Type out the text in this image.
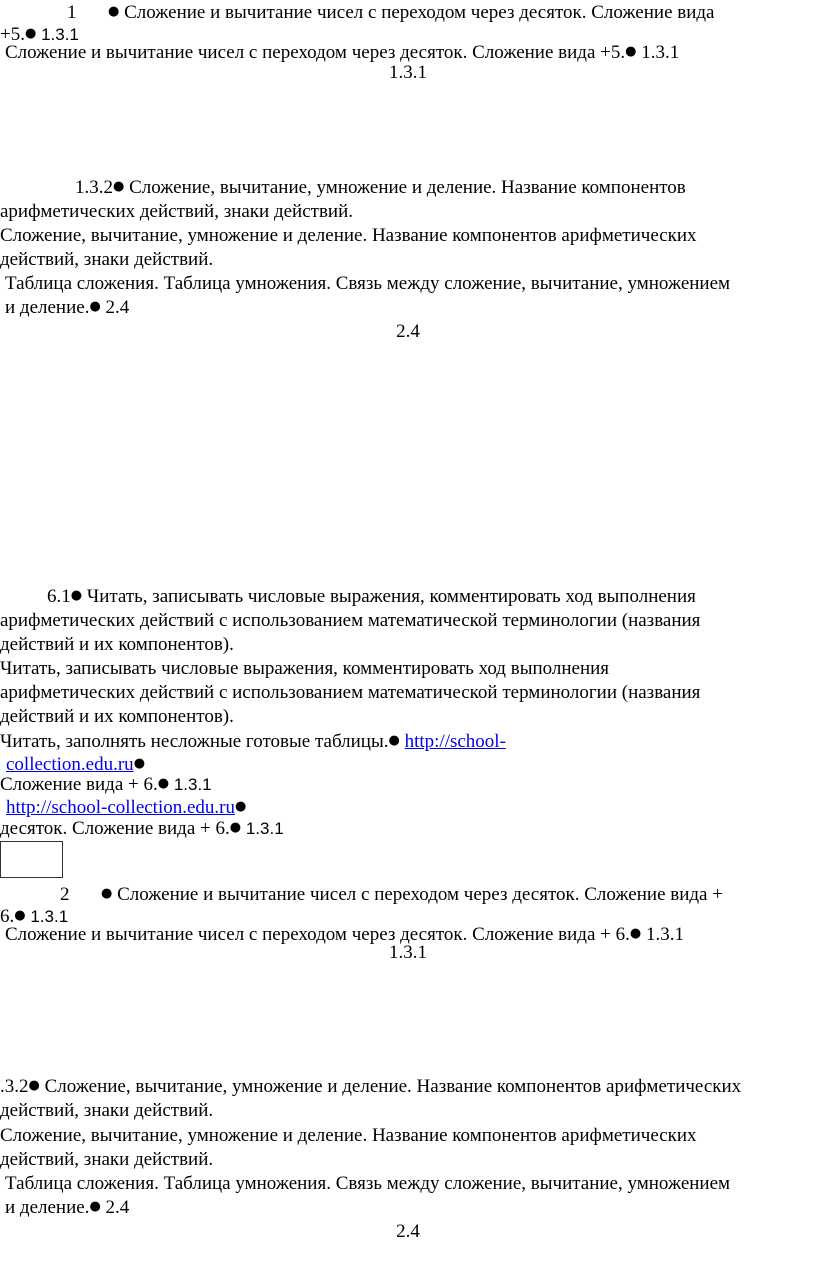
1 ● Сложение и вычитание чисел с переходом через десяток. Сложение вида
+5.● 1.3.1
Сложение и вычитание чисел с переходом через десяток. Сложение вида +5.● 1.3.1
1.3.1
1.3.2● Сложение, вычитание, умножение и деление. Название компонентов
арифметических действий, знаки действий.
Сложение, вычитание, умножение и деление. Название компонентов арифметических
действий, знаки действий.
Таблица сложения. Таблица умножения. Связь между сложение, вычитание, умножением
и деление.● 2.4
2.4
6.1● Читать, записывать числовые выражения, комментировать ход выполнения
арифметических действий с использованием математической терминологии (названия
действий и их компонентов).
Читать, записывать числовые выражения, комментировать ход выполнения
арифметических действий с использованием математической терминологии (названия
действий и их компонентов).
Читать, заполнять несложные готовые таблицы.● http://school-
collection.edu.ru●
Сложение вида + 6.● 1.3.1
http://school-collection.edu.ru●
десяток. Сложение вида + 6.● 1.3.1
2 ● Сложение и вычитание чисел с переходом через десяток. Сложение вида +
6.● 1.3.1
Сложение и вычитание чисел с переходом через десяток. Сложение вида + 6.● 1.3.1
1.3.1
.3.2● Сложение, вычитание, умножение и деление. Название компонентов арифметических
действий, знаки действий.
Сложение, вычитание, умножение и деление. Название компонентов арифметических
действий, знаки действий.
Таблица сложения. Таблица умножения. Связь между сложение, вычитание, умножением
и деление.● 2.4
2.4
